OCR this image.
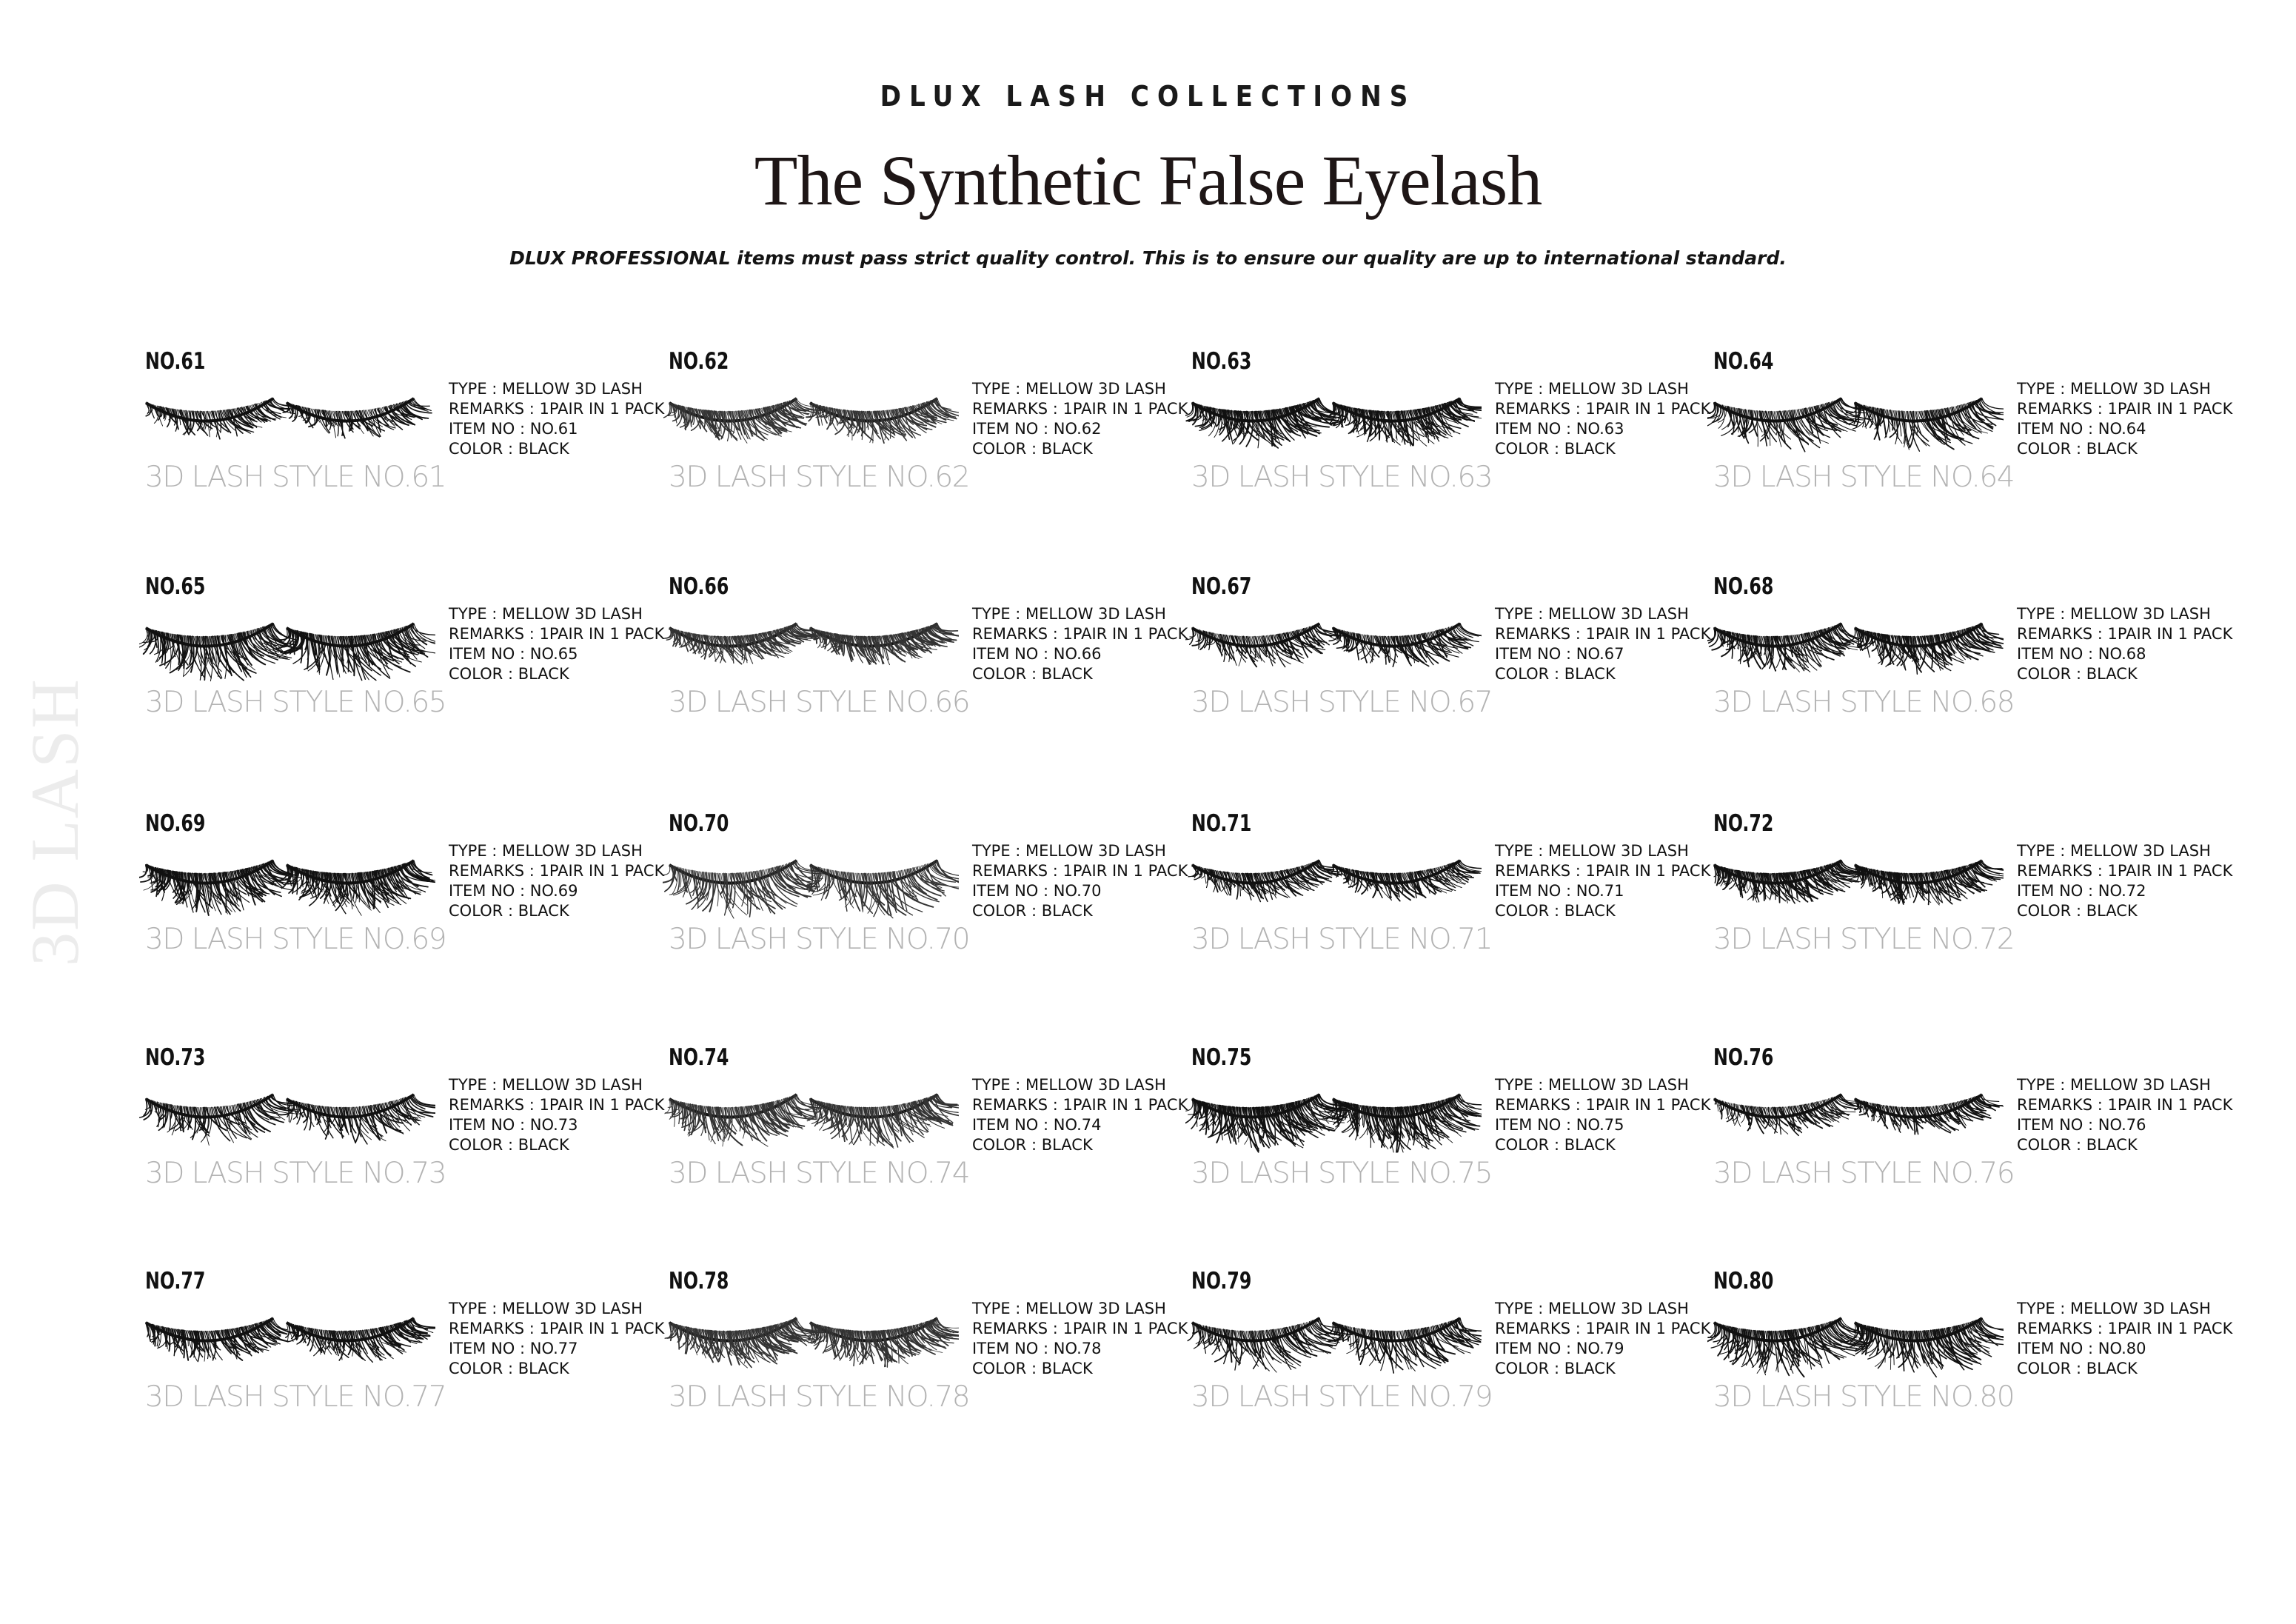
DLUX LASH COLLECTIONS
The Synthetic False Eyelash
DLUX PROFESSIONAL items must pass strict quality control. This is to ensure our quality are up to international standard.
3D LASH
NO.61
TYPE : MELLOW 3D LASH
REMARKS : 1PAIR IN 1 PACK
ITEM NO : NO.61
COLOR : BLACK
3D LASH STYLE NO.61
NO.62
TYPE : MELLOW 3D LASH
REMARKS : 1PAIR IN 1 PACK
ITEM NO : NO.62
COLOR : BLACK
3D LASH STYLE NO.62
NO.63
TYPE : MELLOW 3D LASH
REMARKS : 1PAIR IN 1 PACK
ITEM NO : NO.63
COLOR : BLACK
3D LASH STYLE NO.63
NO.64
TYPE : MELLOW 3D LASH
REMARKS : 1PAIR IN 1 PACK
ITEM NO : NO.64
COLOR : BLACK
3D LASH STYLE NO.64
NO.65
TYPE : MELLOW 3D LASH
REMARKS : 1PAIR IN 1 PACK
ITEM NO : NO.65
COLOR : BLACK
3D LASH STYLE NO.65
NO.66
TYPE : MELLOW 3D LASH
REMARKS : 1PAIR IN 1 PACK
ITEM NO : NO.66
COLOR : BLACK
3D LASH STYLE NO.66
NO.67
TYPE : MELLOW 3D LASH
REMARKS : 1PAIR IN 1 PACK
ITEM NO : NO.67
COLOR : BLACK
3D LASH STYLE NO.67
NO.68
TYPE : MELLOW 3D LASH
REMARKS : 1PAIR IN 1 PACK
ITEM NO : NO.68
COLOR : BLACK
3D LASH STYLE NO.68
NO.69
TYPE : MELLOW 3D LASH
REMARKS : 1PAIR IN 1 PACK
ITEM NO : NO.69
COLOR : BLACK
3D LASH STYLE NO.69
NO.70
TYPE : MELLOW 3D LASH
REMARKS : 1PAIR IN 1 PACK
ITEM NO : NO.70
COLOR : BLACK
3D LASH STYLE NO.70
NO.71
TYPE : MELLOW 3D LASH
REMARKS : 1PAIR IN 1 PACK
ITEM NO : NO.71
COLOR : BLACK
3D LASH STYLE NO.71
NO.72
TYPE : MELLOW 3D LASH
REMARKS : 1PAIR IN 1 PACK
ITEM NO : NO.72
COLOR : BLACK
3D LASH STYLE NO.72
NO.73
TYPE : MELLOW 3D LASH
REMARKS : 1PAIR IN 1 PACK
ITEM NO : NO.73
COLOR : BLACK
3D LASH STYLE NO.73
NO.74
TYPE : MELLOW 3D LASH
REMARKS : 1PAIR IN 1 PACK
ITEM NO : NO.74
COLOR : BLACK
3D LASH STYLE NO.74
NO.75
TYPE : MELLOW 3D LASH
REMARKS : 1PAIR IN 1 PACK
ITEM NO : NO.75
COLOR : BLACK
3D LASH STYLE NO.75
NO.76
TYPE : MELLOW 3D LASH
REMARKS : 1PAIR IN 1 PACK
ITEM NO : NO.76
COLOR : BLACK
3D LASH STYLE NO.76
NO.77
TYPE : MELLOW 3D LASH
REMARKS : 1PAIR IN 1 PACK
ITEM NO : NO.77
COLOR : BLACK
3D LASH STYLE NO.77
NO.78
TYPE : MELLOW 3D LASH
REMARKS : 1PAIR IN 1 PACK
ITEM NO : NO.78
COLOR : BLACK
3D LASH STYLE NO.78
NO.79
TYPE : MELLOW 3D LASH
REMARKS : 1PAIR IN 1 PACK
ITEM NO : NO.79
COLOR : BLACK
3D LASH STYLE NO.79
NO.80
TYPE : MELLOW 3D LASH
REMARKS : 1PAIR IN 1 PACK
ITEM NO : NO.80
COLOR : BLACK
3D LASH STYLE NO.80
